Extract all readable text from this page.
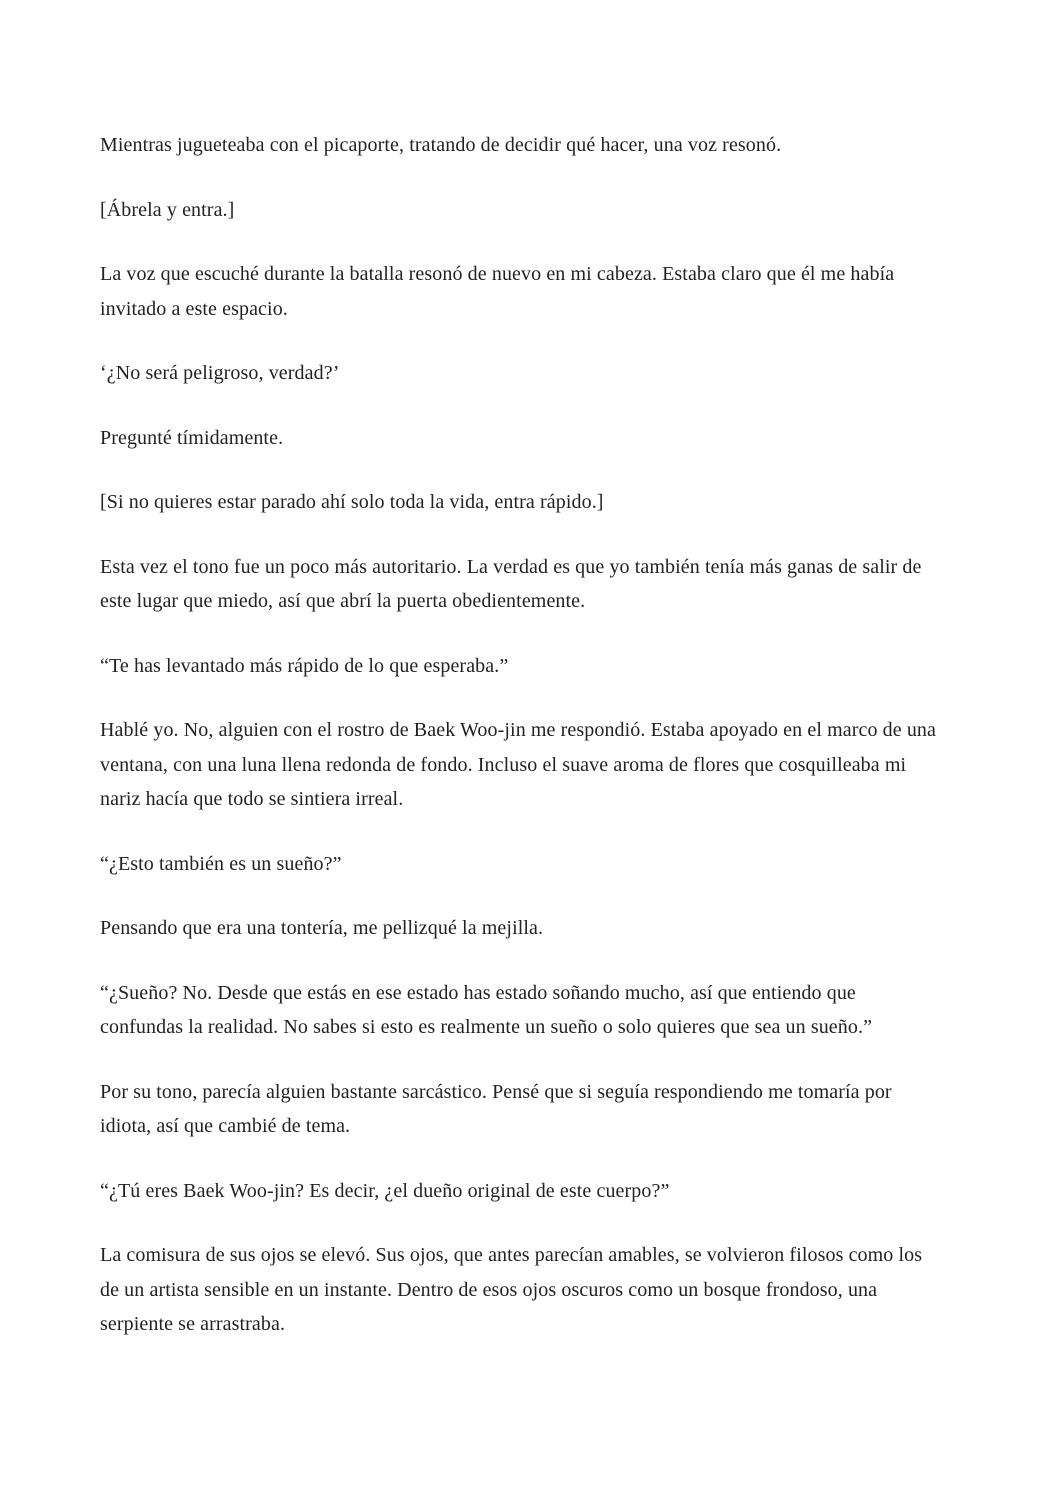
Mientras jugueteaba con el picaporte, tratando de decidir qué hacer, una voz resonó.

[Ábrela y entra.]

La voz que escuché durante la batalla resonó de nuevo en mi cabeza. Estaba claro que él me había invitado a este espacio.

‘¿No será peligroso, verdad?’

Pregunté tímidamente.

[Si no quieres estar parado ahí solo toda la vida, entra rápido.]

Esta vez el tono fue un poco más autoritario. La verdad es que yo también tenía más ganas de salir de este lugar que miedo, así que abrí la puerta obedientemente.

“Te has levantado más rápido de lo que esperaba.”

Hablé yo. No, alguien con el rostro de Baek Woo-jin me respondió. Estaba apoyado en el marco de una ventana, con una luna llena redonda de fondo. Incluso el suave aroma de flores que cosquilleaba mi nariz hacía que todo se sintiera irreal.

“¿Esto también es un sueño?”

Pensando que era una tontería, me pellizqué la mejilla.

“¿Sueño? No. Desde que estás en ese estado has estado soñando mucho, así que entiendo que confundas la realidad. No sabes si esto es realmente un sueño o solo quieres que sea un sueño.”

Por su tono, parecía alguien bastante sarcástico. Pensé que si seguía respondiendo me tomaría por idiota, así que cambié de tema.

“¿Tú eres Baek Woo-jin? Es decir, ¿el dueño original de este cuerpo?”

La comisura de sus ojos se elevó. Sus ojos, que antes parecían amables, se volvieron filosos como los de un artista sensible en un instante. Dentro de esos ojos oscuros como un bosque frondoso, una serpiente se arrastraba.
